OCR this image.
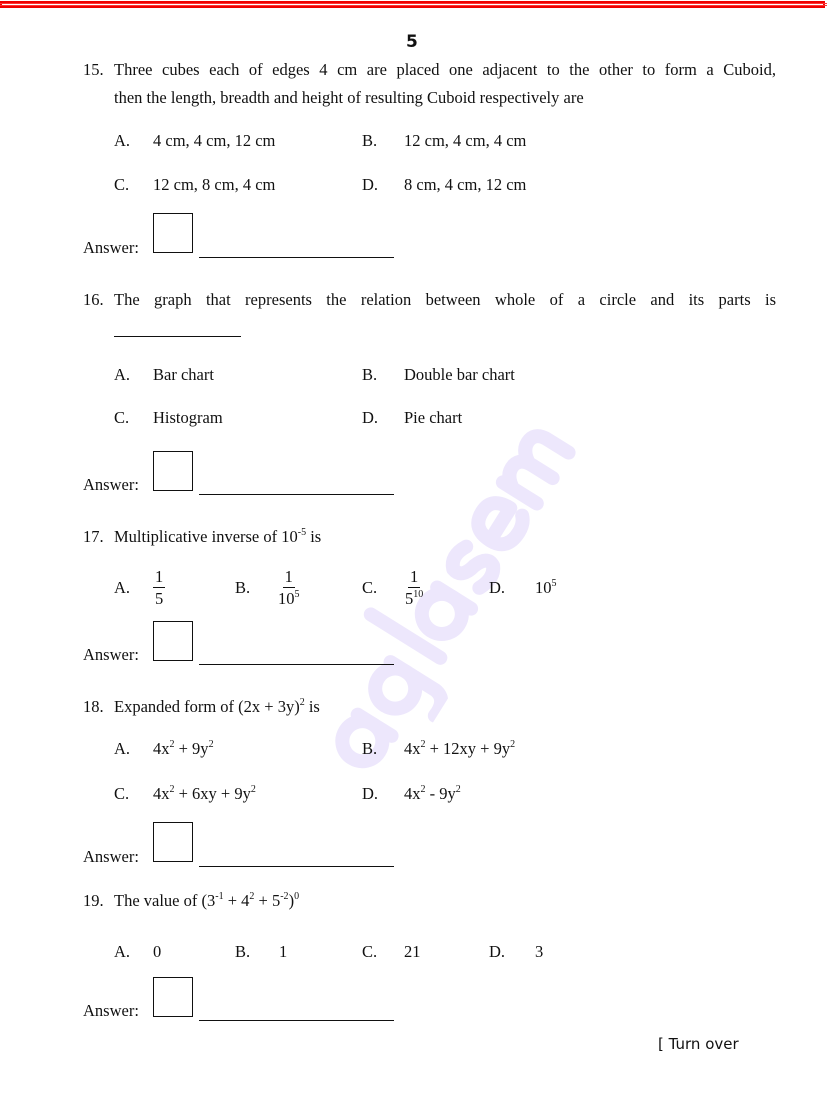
5
15. Three cubes each of edges 4 cm are placed one adjacent to the other to form a Cuboid,
then the length, breadth and height of resulting Cuboid respectively are
A. 4 cm, 4 cm, 12 cm	B. 12 cm, 4 cm, 4 cm
C. 12 cm, 8 cm, 4 cm	D. 8 cm, 4 cm, 12 cm
Answer:
16. The graph that represents the relation between whole of a circle and its parts is
A. Bar chart	B. Double bar chart
C. Histogram	D. Pie chart
Answer:
17. Multiplicative inverse of $10^{-5}$ is
A. $\frac{1}{5}$	B. $\frac{1}{10^5}$	C. $\frac{1}{5^{10}}$	D. $10^5$
Answer:
18. Expanded form of $(2x + 3y)^2$ is
A. $4x^2 + 9y^2$	B. $4x^2 + 12xy + 9y^2$
C. $4x^2 + 6xy + 9y^2$	D. $4x^2 - 9y^2$
Answer:
19. The value of $(3^{-1} + 4^2 + 5^{-2})^0$
A. 0	B. 1	C. 21	D. 3
Answer:
[ Turn over
